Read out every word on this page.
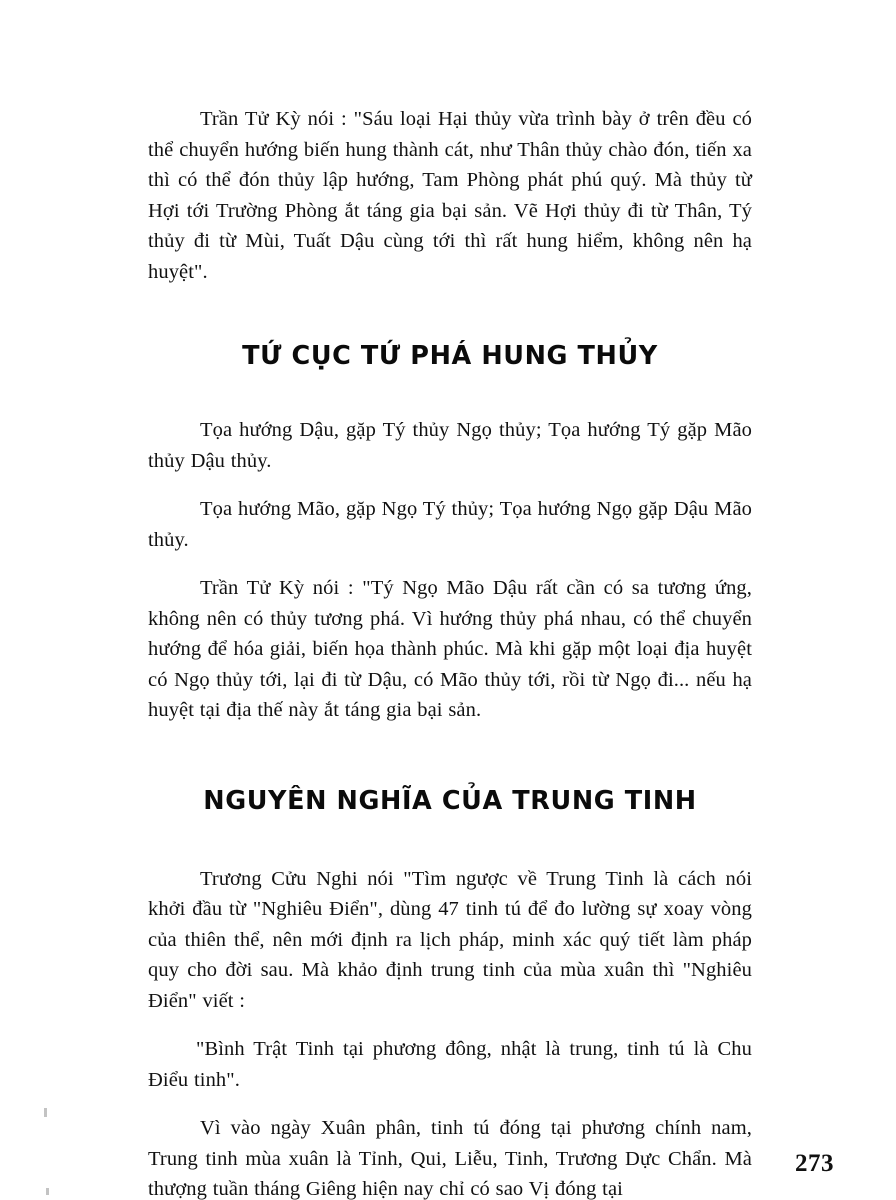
Trần Tử Kỳ nói : "Sáu loại Hại thủy vừa trình bày ở trên đều có thể chuyển hướng biến hung thành cát, như Thân thủy chào đón, tiến xa thì có thể đón thủy lập hướng, Tam Phòng phát phú quý. Mà thủy từ Hợi tới Trường Phòng ắt táng gia bại sản. Vẽ Hợi thủy đi từ Thân, Tý thủy đi từ Mùi, Tuất Dậu cùng tới thì rất hung hiểm, không nên hạ huyệt".

TỨ CỤC TỨ PHÁ HUNG THỦY

Tọa hướng Dậu, gặp Tý thủy Ngọ thủy; Tọa hướng Tý gặp Mão thủy Dậu thủy.

Tọa hướng Mão, gặp Ngọ Tý thủy; Tọa hướng Ngọ gặp Dậu Mão thủy.

Trần Tử Kỳ nói : "Tý Ngọ Mão Dậu rất cần có sa tương ứng, không nên có thủy tương phá. Vì hướng thủy phá nhau, có thể chuyển hướng để hóa giải, biến họa thành phúc. Mà khi gặp một loại địa huyệt có Ngọ thủy tới, lại đi từ Dậu, có Mão thủy tới, rồi từ Ngọ đi... nếu hạ huyệt tại địa thế này ắt táng gia bại sản.

NGUYÊN NGHĨA CỦA TRUNG TINH

Trương Cửu Nghi nói "Tìm ngược về Trung Tinh là cách nói khởi đầu từ "Nghiêu Điển", dùng 47 tinh tú để đo lường sự xoay vòng của thiên thể, nên mới định ra lịch pháp, minh xác quý tiết làm pháp quy cho đời sau. Mà khảo định trung tinh của mùa xuân thì "Nghiêu Điển" viết :

"Bình Trật Tinh tại phương đông, nhật là trung, tinh tú là Chu Điểu tinh".

Vì vào ngày Xuân phân, tinh tú đóng tại phương chính nam, Trung tinh mùa xuân là Tỉnh, Qui, Liễu, Tinh, Trương Dực Chẩn. Mà thượng tuần tháng Giêng hiện nay chỉ có sao Vị đóng tại

273
